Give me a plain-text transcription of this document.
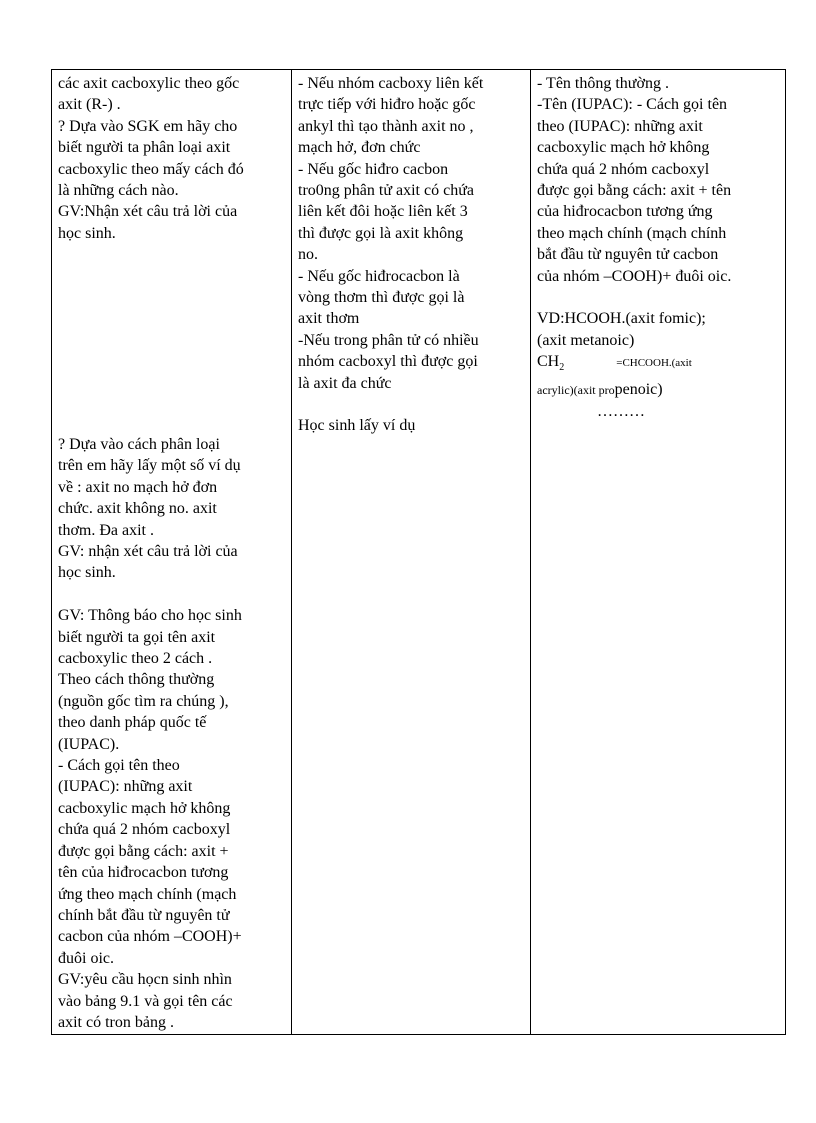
các axit cacboxylic theo gốc
axit (R-) .
? Dựa vào SGK em hãy cho
biết người ta phân loại axit
cacboxylic theo mấy cách đó
là những cách nào.
GV:Nhận xét câu trả lời của
học sinh.
? Dựa vào cách phân loại
trên em hãy lấy một số ví dụ
về : axit no mạch hở đơn
chức. axit không no. axit
thơm. Đa axit .
GV: nhận xét câu trả lời của
học sinh.
GV: Thông báo cho học sinh
biết người ta gọi tên axit
cacboxylic theo 2 cách .
Theo cách thông thường
(nguồn gốc tìm ra chúng ),
theo danh pháp quốc tế
(IUPAC).
- Cách gọi tên theo
(IUPAC): những axit
cacboxylic mạch hở không
chứa quá 2 nhóm cacboxyl
được gọi bằng cách: axit +
tên của hiđrocacbon tương
ứng theo mạch chính (mạch
chính bắt đầu từ nguyên tử
cacbon của nhóm –COOH)+
đuôi oic.
GV:yêu cầu họcn sinh nhìn
vào bảng 9.1 và gọi tên các
axit có tron bảng .
- Nếu nhóm cacboxy liên kết
trực tiếp với hiđro hoặc gốc
ankyl thì tạo thành axit no ,
mạch hở, đơn chức
- Nếu gốc hiđro cacbon
tro0ng phân tử axit có chứa
liên kết đôi hoặc liên kết 3
thì được gọi là axit không
no.
- Nếu gốc hiđrocacbon là
vòng thơm thì được gọi là
axit thơm
-Nếu trong phân tử có nhiều
nhóm cacboxyl thì được gọi
là axit đa chức
Học sinh lấy ví dụ
- Tên thông thường .
-Tên (IUPAC): - Cách gọi tên
theo (IUPAC): những axit
cacboxylic mạch hở không
chứa quá 2 nhóm cacboxyl
được gọi bằng cách: axit + tên
của hiđrocacbon tương ứng
theo mạch chính (mạch chính
bắt đầu từ nguyên tử cacbon
của nhóm –COOH)+ đuôi oic.
VD:HCOOH.(axit fomic);
(axit metanoic)
$CH_2$	=CHCOOH.(axit
acrylic)(axit propenoic)
………
